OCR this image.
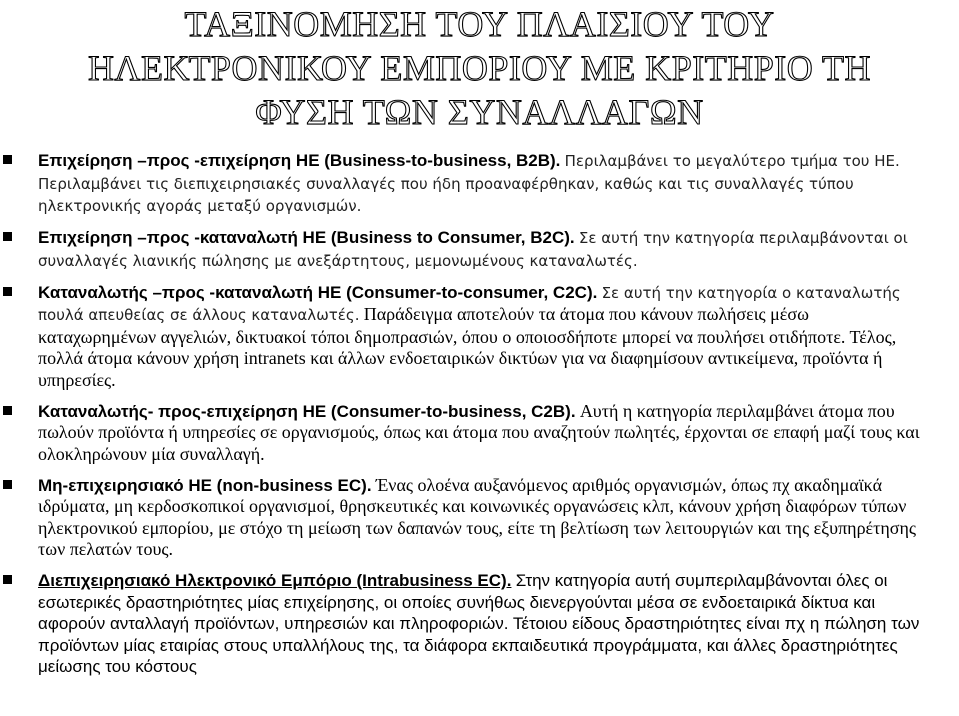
ΤΑΞΙΝΟΜΗΣΗ ΤΟΥ ΠΛΑΙΣΙΟΥ ΤΟΥ
ΗΛΕΚΤΡΟΝΙΚΟΥ ΕΜΠΟΡΙΟΥ ΜΕ ΚΡΙΤΗΡΙΟ ΤΗ
ΦΥΣΗ ΤΩΝ ΣΥΝΑΛΛΑΓΩΝ
Επιχείρηση –προς -επιχείρηση ΗΕ (Business-to-business, B2B). Περιλαμβάνει το μεγαλύτερο τμήμα του ΗΕ. Περιλαμβάνει τις διεπιχειρησιακές συναλλαγές που ήδη προαναφέρθηκαν, καθώς και τις συναλλαγές τύπου ηλεκτρονικής αγοράς μεταξύ οργανισμών.
Επιχείρηση –προς -καταναλωτή ΗΕ (Business to Consumer, B2C). Σε αυτή την κατηγορία περιλαμβάνονται οι συναλλαγές λιανικής πώλησης με ανεξάρτητους, μεμονωμένους καταναλωτές.
Καταναλωτής –προς -καταναλωτή ΗΕ (Consumer-to-consumer, C2C). Σε αυτή την κατηγορία ο καταναλωτής πουλά απευθείας σε άλλους καταναλωτές. Παράδειγμα αποτελούν τα άτομα που κάνουν πωλήσεις μέσω καταχωρημένων αγγελιών, δικτυακοί τόποι δημοπρασιών, όπου ο οποιοσδήποτε μπορεί να πουλήσει οτιδήποτε. Τέλος, πολλά άτομα κάνουν χρήση intranets και άλλων ενδοεταιρικών δικτύων για να διαφημίσουν αντικείμενα, προϊόντα ή υπηρεσίες.
Καταναλωτής- προς-επιχείρηση ΗΕ (Consumer-to-business, C2B). Αυτή η κατηγορία περιλαμβάνει άτομα που πωλούν προϊόντα ή υπηρεσίες σε οργανισμούς, όπως και άτομα που αναζητούν πωλητές, έρχονται σε επαφή μαζί τους και ολοκληρώνουν μία συναλλαγή.
Μη-επιχειρησιακό ΗΕ (non-business EC). Ένας ολοένα αυξανόμενος αριθμός οργανισμών, όπως πχ ακαδημαϊκά ιδρύματα, μη κερδοσκοπικοί οργανισμοί, θρησκευτικές και κοινωνικές οργανώσεις κλπ, κάνουν χρήση διαφόρων τύπων ηλεκτρονικού εμπορίου, με στόχο τη μείωση των δαπανών τους, είτε τη βελτίωση των λειτουργιών και της εξυπηρέτησης των πελατών τους.
Διεπιχειρησιακό Ηλεκτρονικό Εμπόριο (Intrabusiness EC). Στην κατηγορία αυτή συμπεριλαμβάνονται όλες οι εσωτερικές δραστηριότητες μίας επιχείρησης, οι οποίες συνήθως διενεργούνται μέσα σε ενδοεταιρικά δίκτυα και αφορούν ανταλλαγή προϊόντων, υπηρεσιών και πληροφοριών. Τέτοιου είδους δραστηριότητες είναι πχ η πώληση των προϊόντων μίας εταιρίας στους υπαλλήλους της, τα διάφορα εκπαιδευτικά προγράμματα, και άλλες δραστηριότητες μείωσης του κόστους
